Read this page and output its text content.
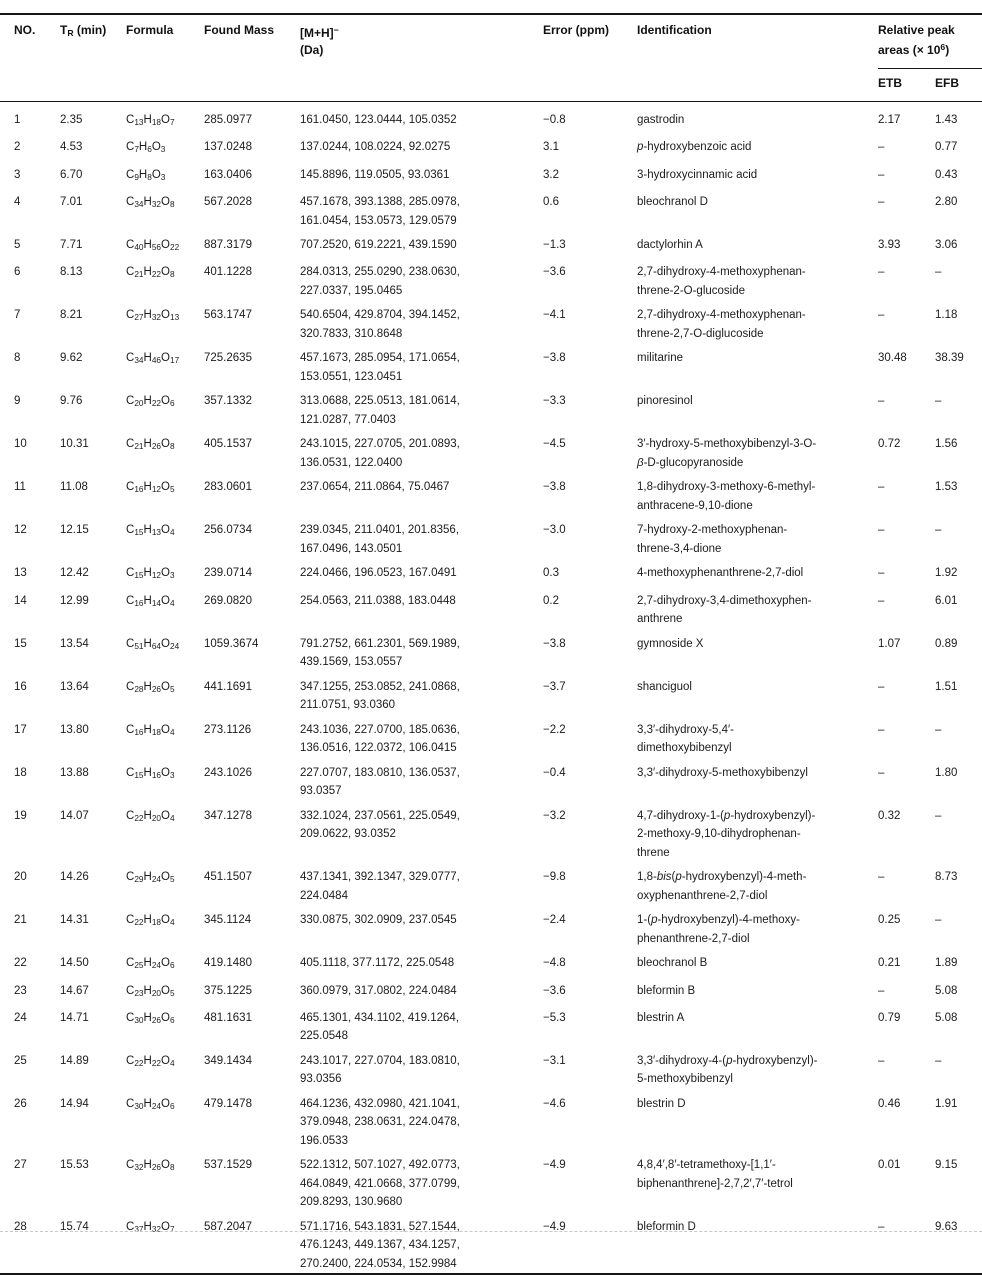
NO.	TR (min)	Formula	Found Mass	[M+H]−
(Da)	Error (ppm)	Identification	Relative peak areas (× $10^6$)	
							ETB	EFB
1	2.35	C13H18O7	285.0977	161.0450, 123.0444, 105.0352	−0.8	gastrodin	2.17	1.43
2	4.53	C7H6O3	137.0248	137.0244, 108.0224, 92.0275	3.1	p-hydroxybenzoic acid	–	0.77
3	6.70	C9H8O3	163.0406	145.8896, 119.0505, 93.0361	3.2	3-hydroxycinnamic acid	–	0.43
4	7.01	C34H32O8	567.2028	457.1678, 393.1388, 285.0978, 161.0454, 153.0573, 129.0579	0.6	bleochranol D	–	2.80
5	7.71	C40H56O22	887.3179	707.2520, 619.2221, 439.1590	−1.3	dactylorhin A	3.93	3.06
6	8.13	C21H22O8	401.1228	284.0313, 255.0290, 238.0630, 227.0337, 195.0465	−3.6	2,7-dihydroxy-4-methoxyphenan-
threne-2-O-glucoside	–	–
7	8.21	C27H32O13	563.1747	540.6504, 429.8704, 394.1452, 320.7833, 310.8648	−4.1	2,7-dihydroxy-4-methoxyphenan-
threne-2,7-O-diglucoside	–	1.18
8	9.62	C34H46O17	725.2635	457.1673, 285.0954, 171.0654, 153.0551, 123.0451	−3.8	militarine	30.48	38.39
9	9.76	C20H22O6	357.1332	313.0688, 225.0513, 181.0614, 121.0287, 77.0403	−3.3	pinoresinol	–	–
10	10.31	C21H26O8	405.1537	243.1015, 227.0705, 201.0893, 136.0531, 122.0400	−4.5	3′-hydroxy-5-methoxybibenzyl-3-O-
β-D-glucopyranoside	0.72	1.56
11	11.08	C16H12O5	283.0601	237.0654, 211.0864, 75.0467	−3.8	1,8-dihydroxy-3-methoxy-6-methyl-
anthracene-9,10-dione	–	1.53
12	12.15	C15H13O4	256.0734	239.0345, 211.0401, 201.8356, 167.0496, 143.0501	−3.0	7-hydroxy-2-methoxyphenan-
threne-3,4-dione	–	–
13	12.42	C15H12O3	239.0714	224.0466, 196.0523, 167.0491	0.3	4-methoxyphenanthrene-2,7-diol	–	1.92
14	12.99	C16H14O4	269.0820	254.0563, 211.0388, 183.0448	0.2	2,7-dihydroxy-3,4-dimethoxyphen-
anthrene	–	6.01
15	13.54	C51H64O24	1059.3674	791.2752, 661.2301, 569.1989, 439.1569, 153.0557	−3.8	gymnoside X	1.07	0.89
16	13.64	C28H26O5	441.1691	347.1255, 253.0852, 241.0868, 211.0751, 93.0360	−3.7	shanciguol	–	1.51
17	13.80	C16H18O4	273.1126	243.1036, 227.0700, 185.0636, 136.0516, 122.0372, 106.0415	−2.2	3,3′-dihydroxy-5,4′-
dimethoxybibenzyl	–	–
18	13.88	C15H16O3	243.1026	227.0707, 183.0810, 136.0537, 93.0357	−0.4	3,3′-dihydroxy-5-methoxybibenzyl	–	1.80
19	14.07	C22H20O4	347.1278	332.1024, 237.0561, 225.0549, 209.0622, 93.0352	−3.2	4,7-dihydroxy-1-(p-hydroxybenzyl)-
2-methoxy-9,10-dihydrophenan-
threne	0.32	–
20	14.26	C29H24O5	451.1507	437.1341, 392.1347, 329.0777, 224.0484	−9.8	1,8-bis(p-hydroxybenzyl)-4-meth-
oxyphenanthrene-2,7-diol	–	8.73
21	14.31	C22H18O4	345.1124	330.0875, 302.0909, 237.0545	−2.4	1-(p-hydroxybenzyl)-4-methoxy-
phenanthrene-2,7-diol	0.25	–
22	14.50	C25H24O6	419.1480	405.1118, 377.1172, 225.0548	−4.8	bleochranol B	0.21	1.89
23	14.67	C23H20O5	375.1225	360.0979, 317.0802, 224.0484	−3.6	bleformin B	–	5.08
24	14.71	C30H26O6	481.1631	465.1301, 434.1102, 419.1264, 225.0548	−5.3	blestrin A	0.79	5.08
25	14.89	C22H22O4	349.1434	243.1017, 227.0704, 183.0810, 93.0356	−3.1	3,3′-dihydroxy-4-(p-hydroxybenzyl)-
5-methoxybibenzyl	–	–
26	14.94	C30H24O6	479.1478	464.1236, 432.0980, 421.1041, 379.0948, 238.0631, 224.0478, 196.0533	−4.6	blestrin D	0.46	1.91
27	15.53	C32H26O8	537.1529	522.1312, 507.1027, 492.0773, 464.0849, 421.0668, 377.0799, 209.8293, 130.9680	−4.9	4,8,4′,8′-tetramethoxy-[1,1′-
biphenanthrene]-2,7,2′,7′-tetrol	0.01	9.15
28	15.74	C37H32O7	587.2047	571.1716, 543.1831, 527.1544, 476.1243, 449.1367, 434.1257, 270.2400, 224.0534, 152.9984	−4.9	bleformin D	–	9.63
